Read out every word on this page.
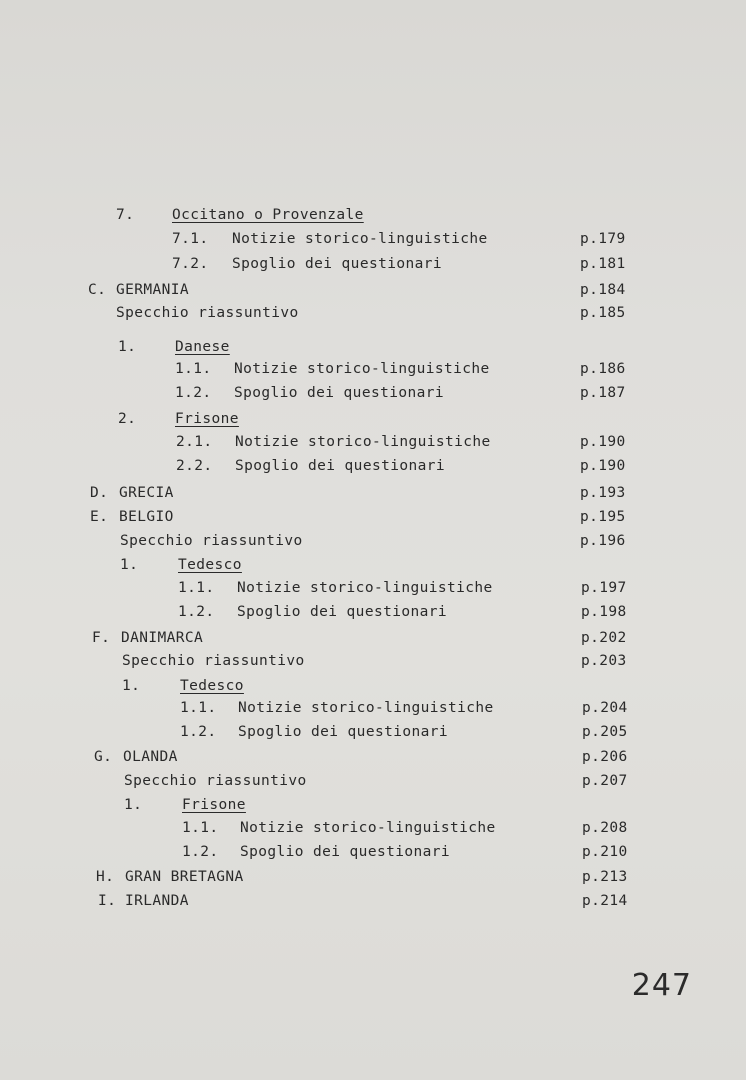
7.	Occitano o Provenzale
7.1. Notizie storico-linguistiche	p.179
7.2. Spoglio dei questionari	p.181
C. GERMANIA	p.184
Specchio riassuntivo	p.185
1.	Danese
1.1. Notizie storico-linguistiche	p.186
1.2. Spoglio dei questionari	p.187
2.	Frisone
2.1. Notizie storico-linguistiche	p.190
2.2. Spoglio dei questionari	p.190
D. GRECIA	p.193
E. BELGIO	p.195
Specchio riassuntivo	p.196
1.	Tedesco
1.1. Notizie storico-linguistiche	p.197
1.2. Spoglio dei questionari	p.198
F. DANIMARCA	p.202
Specchio riassuntivo	p.203
1.	Tedesco
1.1. Notizie storico-linguistiche	p.204
1.2. Spoglio dei questionari	p.205
G. OLANDA	p.206
Specchio riassuntivo	p.207
1.	Frisone
1.1. Notizie storico-linguistiche	p.208
1.2. Spoglio dei questionari	p.210
H. GRAN BRETAGNA	p.213
I. IRLANDA	p.214
247
